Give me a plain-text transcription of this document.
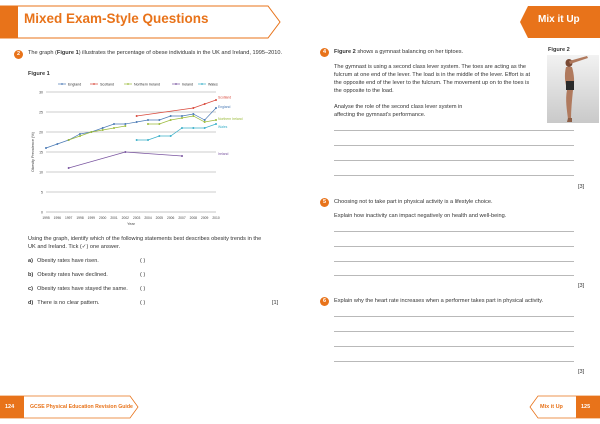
Mixed Exam-Style Questions
2	The graph (Figure 1) illustrates the percentage of obese individuals in the UK and Ireland, 1995–2010.
Figure 1
0
5
10
15
20
25
30
1995 1996 1997 1998 1999 2000 2001 2002 2003 2004 2005 2006 2007 2008 2009 2010
Year
Obesity Prevalence (%)
England	Scotland	Northern Ireland	Ireland	Wales
England
Scotland
Northern Ireland
Ireland
Wales
Using the graph, identify which of the following statements best describes obesity trends in the
UK and Ireland. Tick (✓) one answer.
a) Obesity rates have risen.	( )
b) Obesity rates have declined.	( )
c) Obesity rates have stayed the same. ( )
d) There is no clear pattern.	( )	[1]
124	GCSE Physical Education Revision Guide
Mix it Up
4	Figure 2 shows a gymnast balancing on her tiptoes.	Figure 2
The gymnast is using a second class lever system. The toes are acting as the
fulcrum at one end of the lever. The load is in the middle of the lever. Effort is at
the opposite end of the lever to the fulcrum. The movement up on to the toes is
the opposite to the load.
Analyse the role of the second class lever system in
affecting the gymnast's performance.
[3]
5	Choosing not to take part in physical activity is a lifestyle choice.
Explain how inactivity can impact negatively on health and well-being.
[3]
6	Explain why the heart rate increases when a performer takes part in physical activity.
[3]
Mix it Up	125
